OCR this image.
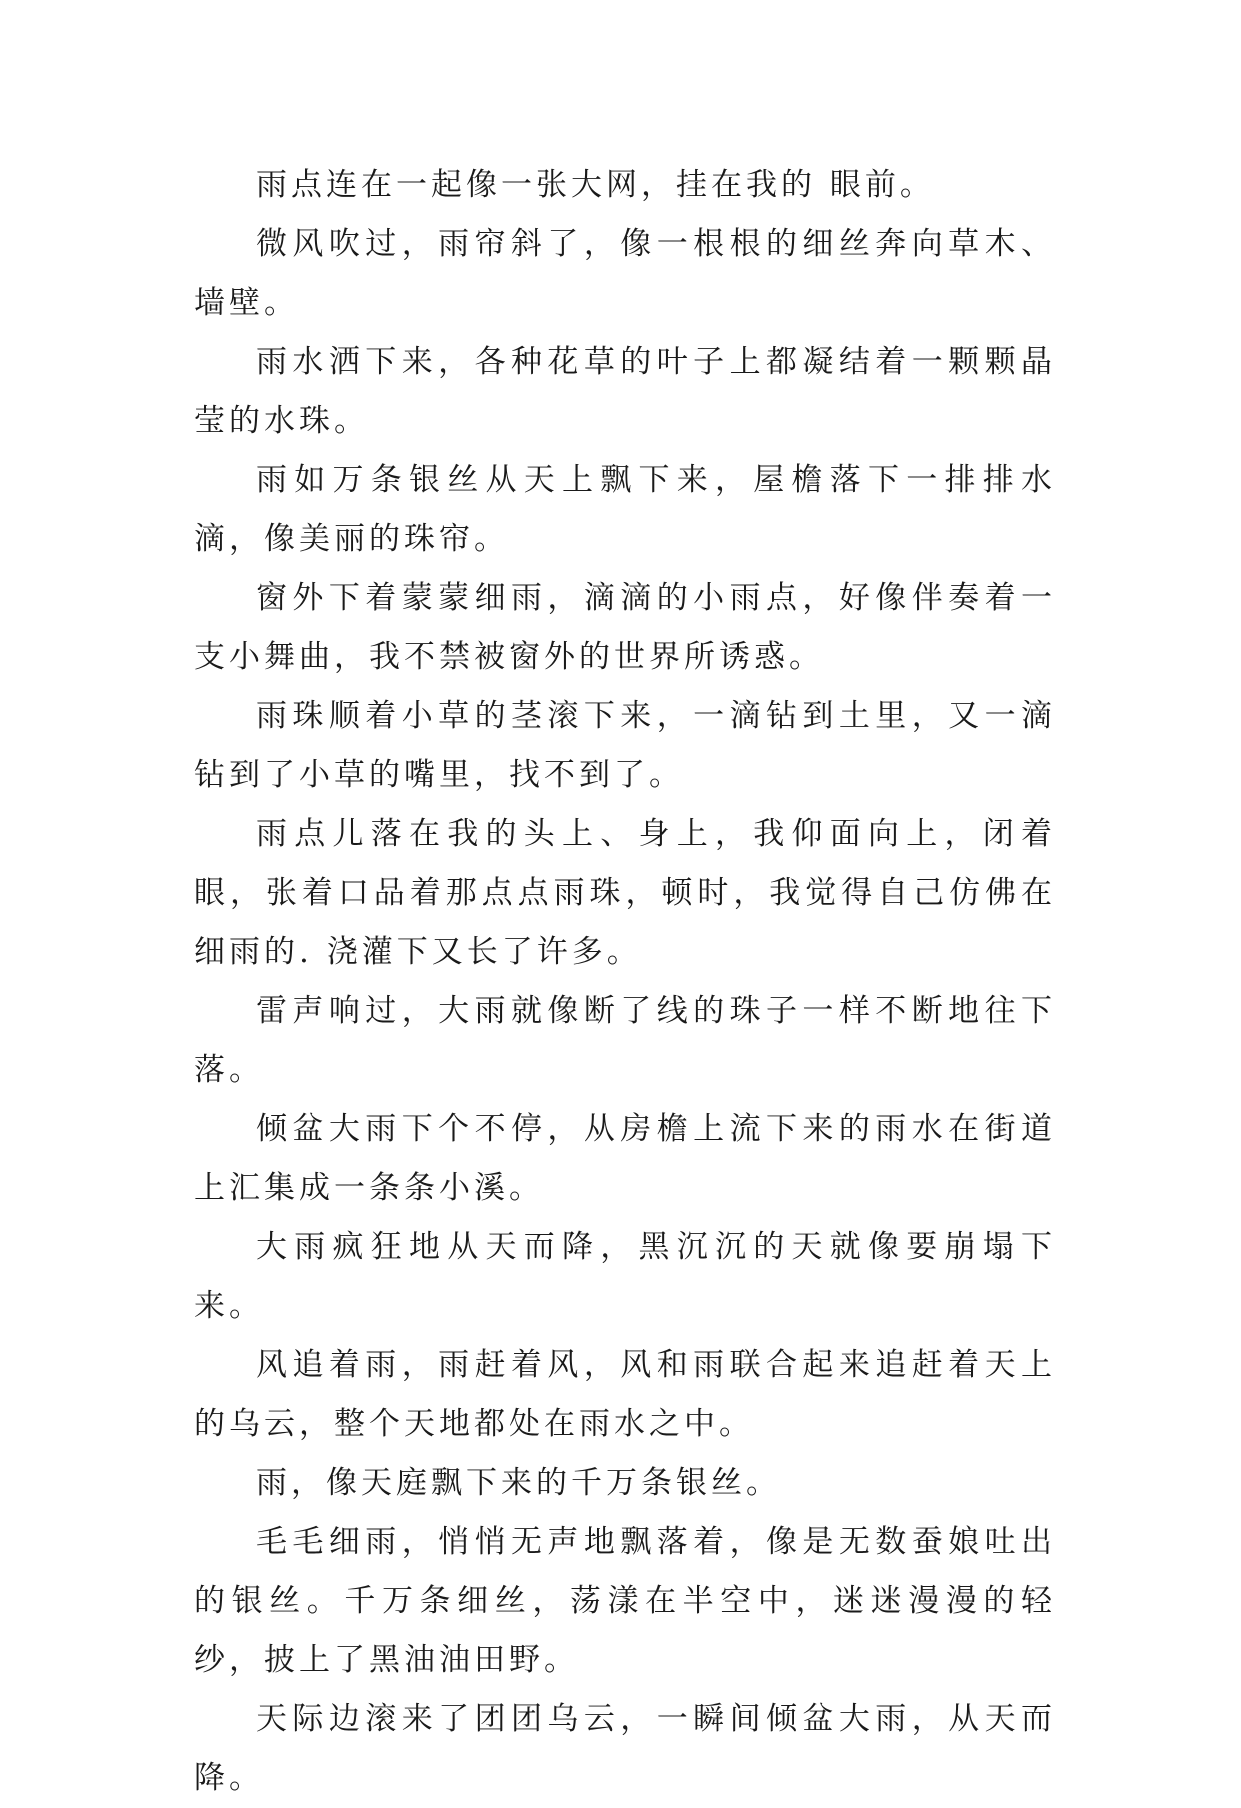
雨点连在一起像一张大网，挂在我的 眼前。

微风吹过，雨帘斜了，像一根根的细丝奔向草木、墙壁。

雨水洒下来，各种花草的叶子上都凝结着一颗颗晶莹的水珠。

雨如万条银丝从天上飘下来，屋檐落下一排排水滴，像美丽的珠帘。

窗外下着蒙蒙细雨，滴滴的小雨点，好像伴奏着一支小舞曲，我不禁被窗外的世界所诱惑。

雨珠顺着小草的茎滚下来，一滴钻到土里，又一滴钻到了小草的嘴里，找不到了。

雨点儿落在我的头上、身上，我仰面向上，闭着眼，张着口品着那点点雨珠，顿时，我觉得自己仿佛在细雨的. 浇灌下又长了许多。

雷声响过，大雨就像断了线的珠子一样不断地往下落。

倾盆大雨下个不停，从房檐上流下来的雨水在街道上汇集成一条条小溪。

大雨疯狂地从天而降，黑沉沉的天就像要崩塌下来。

风追着雨，雨赶着风，风和雨联合起来追赶着天上的乌云，整个天地都处在雨水之中。

雨，像天庭飘下来的千万条银丝。

毛毛细雨，悄悄无声地飘落着，像是无数蚕娘吐出的银丝。千万条细丝，荡漾在半空中，迷迷漫漫的轻纱，披上了黑油油田野。

天际边滚来了团团乌云，一瞬间倾盆大雨，从天而降。
